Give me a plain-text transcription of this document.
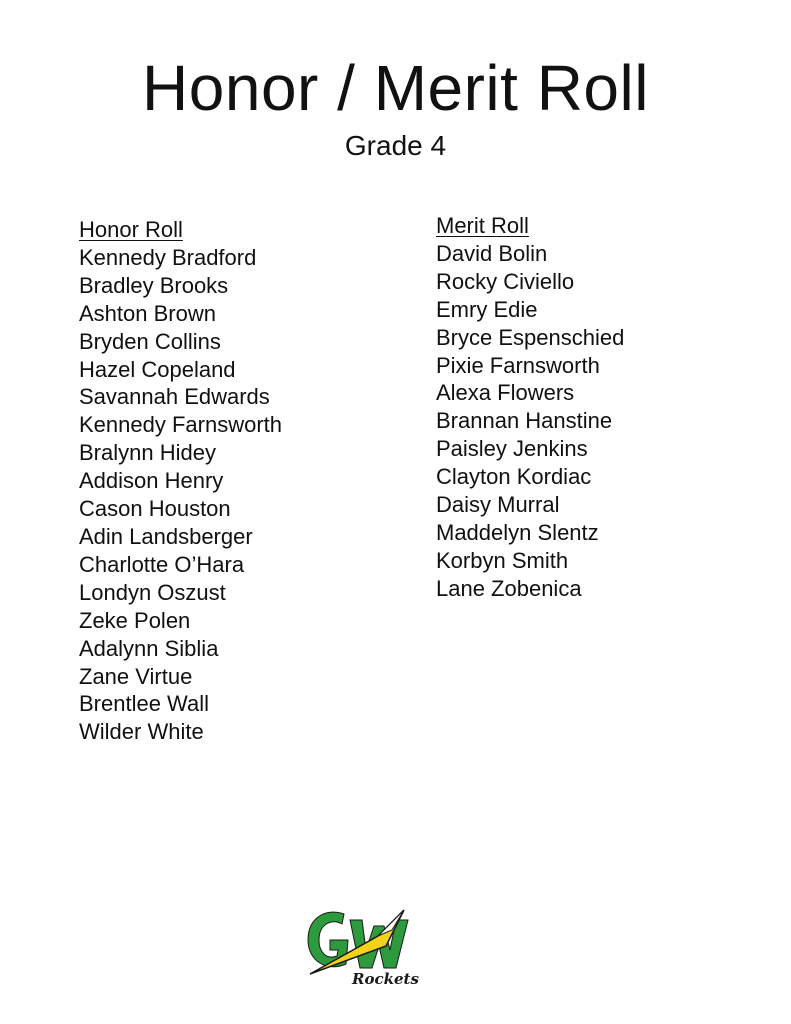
Honor / Merit Roll
Grade 4
Honor Roll
Kennedy Bradford
Bradley Brooks
Ashton Brown
Bryden Collins
Hazel Copeland
Savannah Edwards
Kennedy Farnsworth
Bralynn Hidey
Addison Henry
Cason Houston
Adin Landsberger
Charlotte O’Hara
Londyn Oszust
Zeke Polen
Adalynn Siblia
Zane Virtue
Brentlee Wall
Wilder White
Merit Roll
David Bolin
Rocky Civiello
Emry Edie
Bryce Espenschied
Pixie Farnsworth
Alexa Flowers
Brannan Hanstine
Paisley Jenkins
Clayton Kordiac
Daisy Murral
Maddelyn Slentz
Korbyn Smith
Lane Zobenica
Rockets
